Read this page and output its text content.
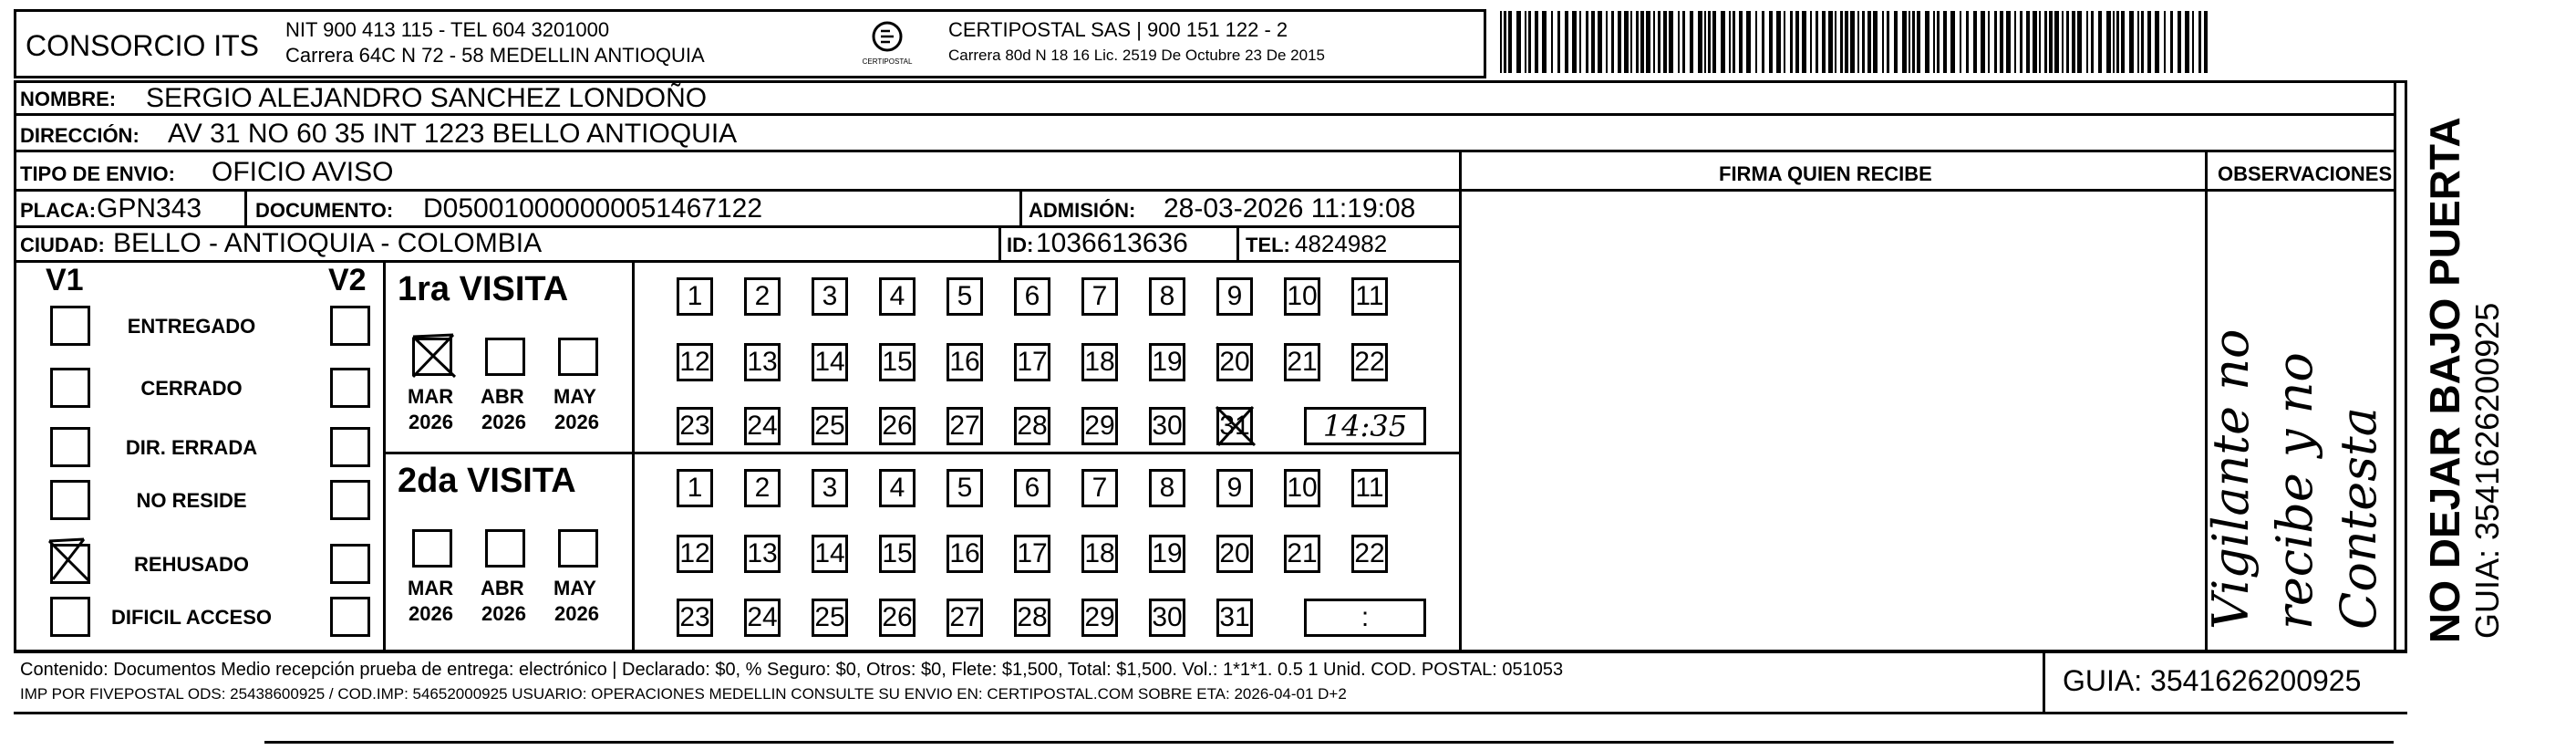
CONSORCIO ITS NIT 900 413 115 - TEL 604 3201000
Carrera 64C N 72 - 58 MEDELLIN ANTIOQUIA	CERTIPOSTAL
CERTIPOSTAL SAS | 900 151 122 - 2
Carrera 80d N 18 16 Lic. 2519 De Octubre 23 De 2015
NOMBRE: SERGIO ALEJANDRO SANCHEZ LONDOÑO
DIRECCIÓN: AV 31 NO 60 35 INT 1223 BELLO ANTIOQUIA
TIPO DE ENVIO: OFICIO AVISO	FIRMA QUIEN RECIBE	OBSERVACIONES
PLACA: GPN343	DOCUMENTO: D050010000000051467122	ADMISIÓN: 28-03-2026 11:19:08
CIUDAD: BELLO - ANTIOQUIA - COLOMBIA	ID: 1036613636	TEL: 4824982
V1	V2
ENTREGADO
CERRADO
DIR. ERRADA
NO RESIDE
REHUSADO
DIFICIL ACCESO
1ra VISITA
MAR
2026
ABR
2026
MAY
2026
1	2	3	4	5	6	7	8	9	10 11
12 13 14 15 16 17 18 19 20 21 22
23 24 25 26 27 28 29 30 31	14:35
2da VISITA
MAR
2026
ABR
2026
MAY
2026
1	2	3	4	5	6	7	8	9	10 11
12 13 14 15 16 17 18 19 20 21 22
23 24 25 26 27 28 29 30 31	:	Vigilante no recibe y no Contesta NO DEJAR BAJO PUERTA GUIA: 3541626200925
Contenido: Documentos Medio recepción prueba de entrega: electrónico | Declarado: $0, % Seguro: $0, Otros: $0, Flete: $1,500, Total: $1,500. Vol.: 1*1*1. 0.5 1 Unid. COD. POSTAL: 051053
IMP POR FIVEPOSTAL ODS: 25438600925 / COD.IMP: 54652000925 USUARIO: OPERACIONES MEDELLIN CONSULTE SU ENVIO EN: CERTIPOSTAL.COM SOBRE ETA: 2026-04-01 D+2	GUIA: 3541626200925
